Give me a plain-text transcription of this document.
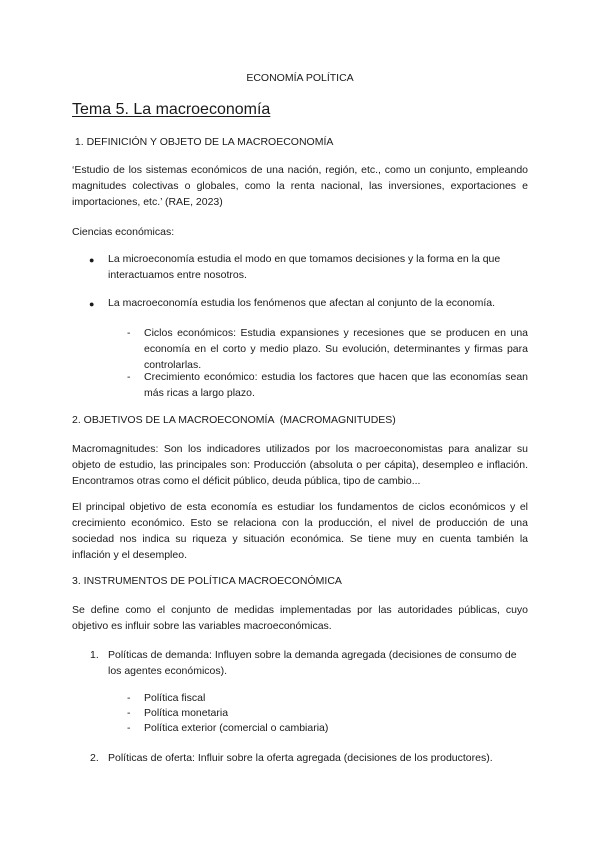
ECONOMÍA POLÍTICA
Tema 5. La macroeconomía
1. DEFINICIÓN Y OBJETO DE LA MACROECONOMÍA
‘Estudio de los sistemas económicos de una nación, región, etc., como un conjunto, empleando magnitudes colectivas o globales, como la renta nacional, las inversiones, exportaciones e importaciones, etc.’ (RAE, 2023)
Ciencias económicas:
● La microeconomía estudia el modo en que tomamos decisiones y la forma en la que interactuamos entre nosotros.
● La macroeconomía estudia los fenómenos que afectan al conjunto de la economía.
- Ciclos económicos: Estudia expansiones y recesiones que se producen en una economía en el corto y medio plazo. Su evolución, determinantes y firmas para controlarlas.
- Crecimiento económico: estudia los factores que hacen que las economías sean más ricas a largo plazo.
2. OBJETIVOS DE LA MACROECONOMÍA  (MACROMAGNITUDES)
Macromagnitudes: Son los indicadores utilizados por los macroeconomistas para analizar su objeto de estudio, las principales son: Producción (absoluta o per cápita), desempleo e inflación. Encontramos otras como el déficit público, deuda pública, tipo de cambio...
El principal objetivo de esta economía es estudiar los fundamentos de ciclos económicos y el crecimiento económico. Esto se relaciona con la producción, el nivel de producción de una sociedad nos indica su riqueza y situación económica. Se tiene muy en cuenta también la inflación y el desempleo.
3. INSTRUMENTOS DE POLÍTICA MACROECONÓMICA
Se define como el conjunto de medidas implementadas por las autoridades públicas, cuyo objetivo es influir sobre las variables macroeconómicas.
1. Políticas de demanda: Influyen sobre la demanda agregada (decisiones de consumo de los agentes económicos).
- Política fiscal
- Política monetaria
- Política exterior (comercial o cambiaria)
2. Políticas de oferta: Influir sobre la oferta agregada (decisiones de los productores).
